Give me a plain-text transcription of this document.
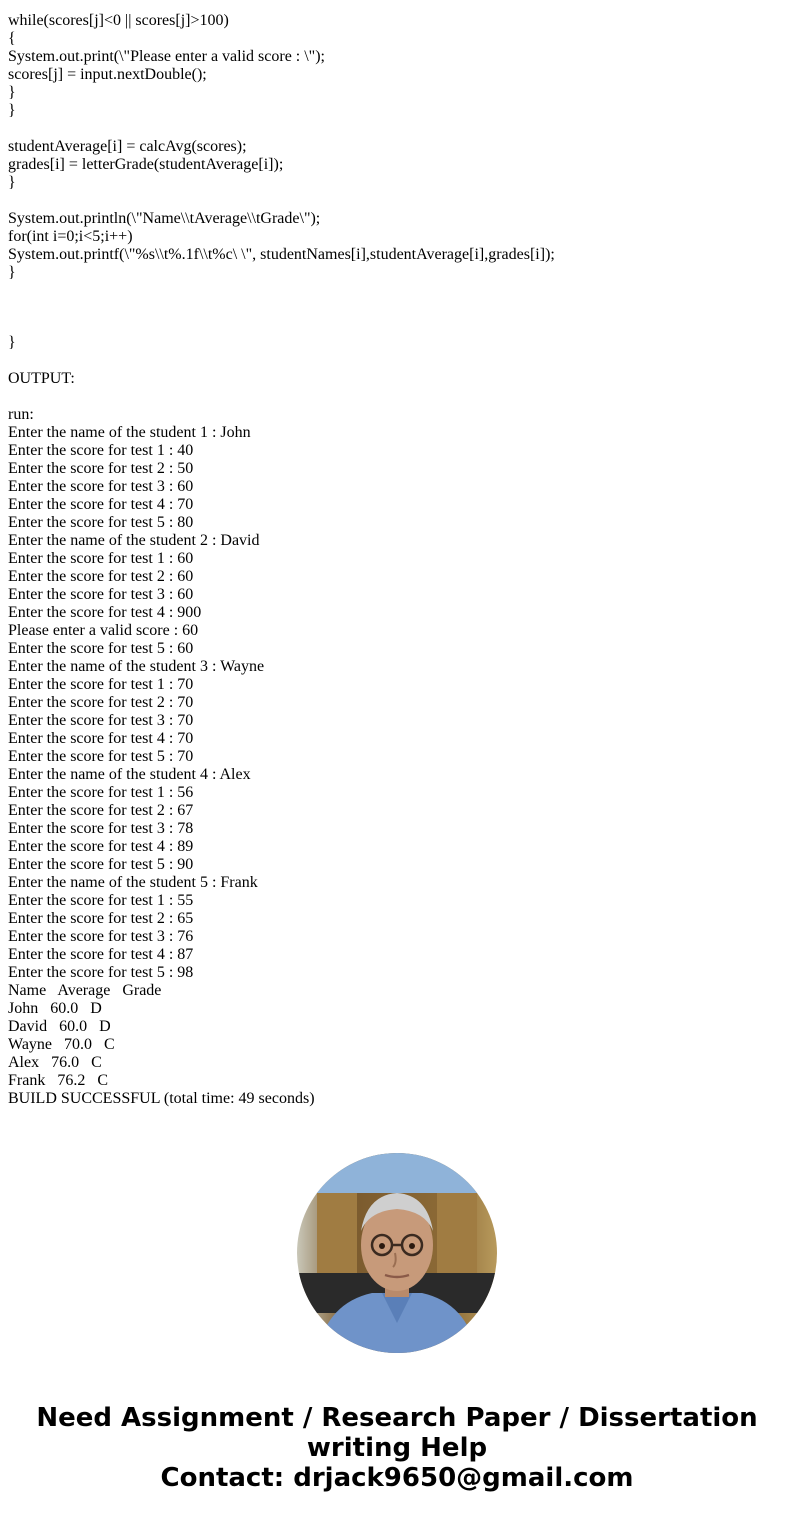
while(scores[j]<0 || scores[j]>100)
{
System.out.print(\"Please enter a valid score : \");
scores[j] = input.nextDouble();
}
}
studentAverage[i] = calcAvg(scores);
grades[i] = letterGrade(studentAverage[i]);
}
System.out.println(\"Name\\tAverage\\tGrade\");
for(int i=0;i<5;i++)
System.out.printf(\"%s\\t%.1f\\t%c\ \", studentNames[i],studentAverage[i],grades[i]);
}
}
OUTPUT:
run:
Enter the name of the student 1 : John
Enter the score for test 1 : 40
Enter the score for test 2 : 50
Enter the score for test 3 : 60
Enter the score for test 4 : 70
Enter the score for test 5 : 80
Enter the name of the student 2 : David
Enter the score for test 1 : 60
Enter the score for test 2 : 60
Enter the score for test 3 : 60
Enter the score for test 4 : 900
Please enter a valid score : 60
Enter the score for test 5 : 60
Enter the name of the student 3 : Wayne
Enter the score for test 1 : 70
Enter the score for test 2 : 70
Enter the score for test 3 : 70
Enter the score for test 4 : 70
Enter the score for test 5 : 70
Enter the name of the student 4 : Alex
Enter the score for test 1 : 56
Enter the score for test 2 : 67
Enter the score for test 3 : 78
Enter the score for test 4 : 89
Enter the score for test 5 : 90
Enter the name of the student 5 : Frank
Enter the score for test 1 : 55
Enter the score for test 2 : 65
Enter the score for test 3 : 76
Enter the score for test 4 : 87
Enter the score for test 5 : 98
Name   Average   Grade
John   60.0   D
David   60.0   D
Wayne   70.0   C
Alex   76.0   C
Frank   76.2   C
BUILD SUCCESSFUL (total time: 49 seconds)
Need Assignment / Research Paper / Dissertation
writing Help
Contact: drjack9650@gmail.com
